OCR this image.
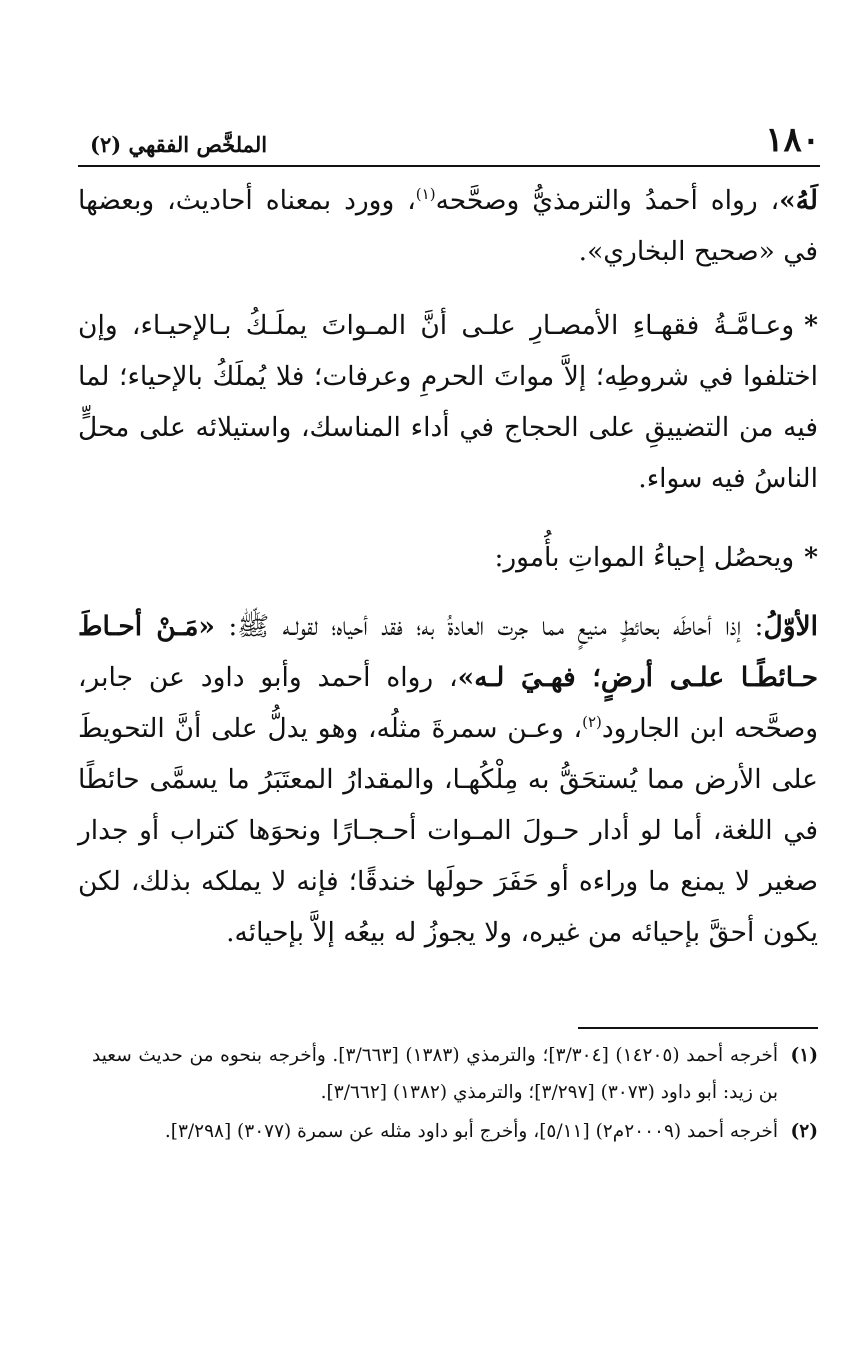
١٨٠
الملخَّص الفقهي (٢)

لَهُ»، رواه أحمدُ والترمذيُّ وصحَّحه$^{(١)}$، وورد بمعناه أحاديث، وبعضها في «صحيح البخاري».

*وعـامَّـةُ فقهـاءِ الأمصـارِ علـى أنَّ المـواتَ يملَـكُ بـالإحيـاء، وإن اختلفوا في شروطِه؛ إلاَّ مواتَ الحرمِ وعرفات؛ فلا يُملَكُ بالإحياء؛ لما فيه من التضييقِ على الحجاج في أداء المناسك، واستيلائه على محلٍّ الناسُ فيه سواء.

*ويحصُل إحياءُ المواتِ بأُمور:

الأوّلُ: إذا أحاطَه بحائطٍ منيعٍ مما جرت العادةُ به؛ فقد أحياه؛ لقولـه ﷺ: «مَـنْ أحـاطَ حـائطًـا علـى أرضٍ؛ فهـيَ لـه»، رواه أحمد وأبو داود عن جابر، وصحَّحه ابن الجارود$^{(٢)}$، وعـن سمرةَ مثلُه، وهو يدلُّ على أنَّ التحويطَ على الأرض مما يُستحَقُّ به مِلْكُهـا، والمقدارُ المعتَبَرُ ما يسمَّى حائطًا في اللغة، أما لو أدار حـولَ المـوات أحـجـارًا ونحوَها كتراب أو جدار صغير لا يمنع ما وراءه أو حَفَرَ حولَها خندقًا؛ فإنه لا يملكه بذلك، لكن يكون أحقَّ بإحيائه من غيره، ولا يجوزُ له بيعُه إلاَّ بإحيائه.

(١)
أخرجه أحمد (١٤٢٠٥) [٣/٣٠٤]؛ والترمذي (١٣٨٣) [٣/٦٦٣]. وأخرجه بنحوه من حديث سعيد بن زيد: أبو داود (٣٠٧٣) [٣/٢٩٧]؛ والترمذي (١٣٨٢) [٣/٦٦٢].
(٢)
أخرجه أحمد (٢٠٠٠٩م٢) [٥/١١]، وأخرج أبو داود مثله عن سمرة (٣٠٧٧) [٣/٢٩٨].
